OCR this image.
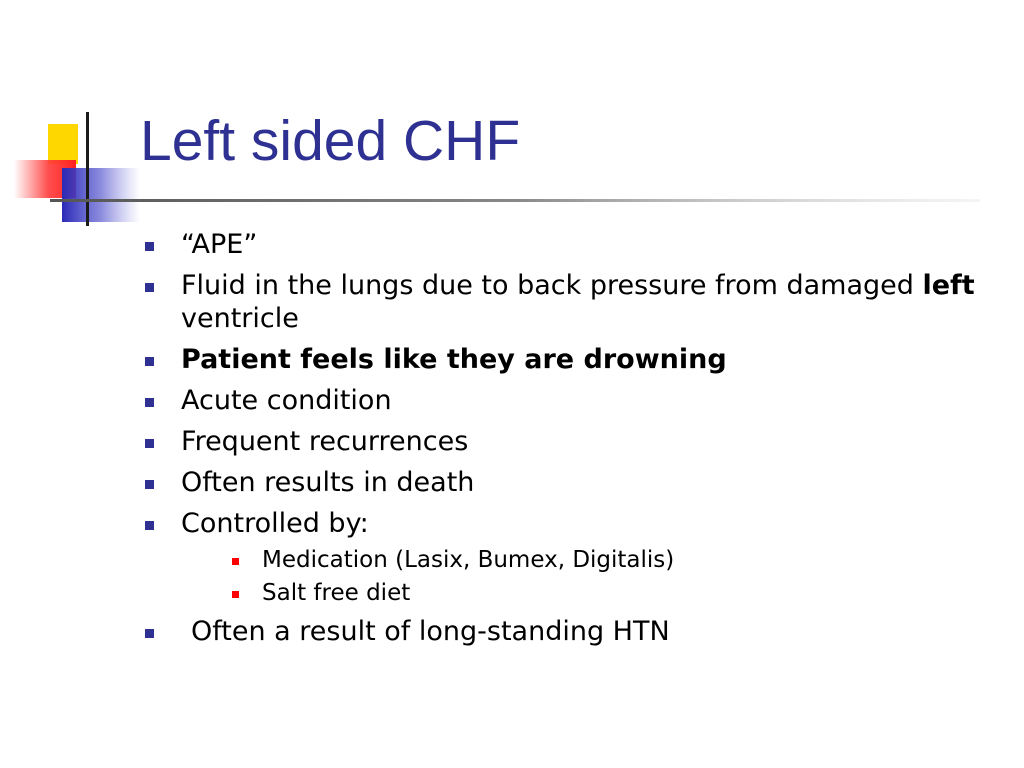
Left sided CHF
“APE”
Fluid in the lungs due to back pressure from damaged left ventricle
Patient feels like they are drowning
Acute condition
Frequent recurrences
Often results in death
Controlled by:
Medication (Lasix, Bumex, Digitalis)
Salt free diet
Often a result of long-standing HTN
